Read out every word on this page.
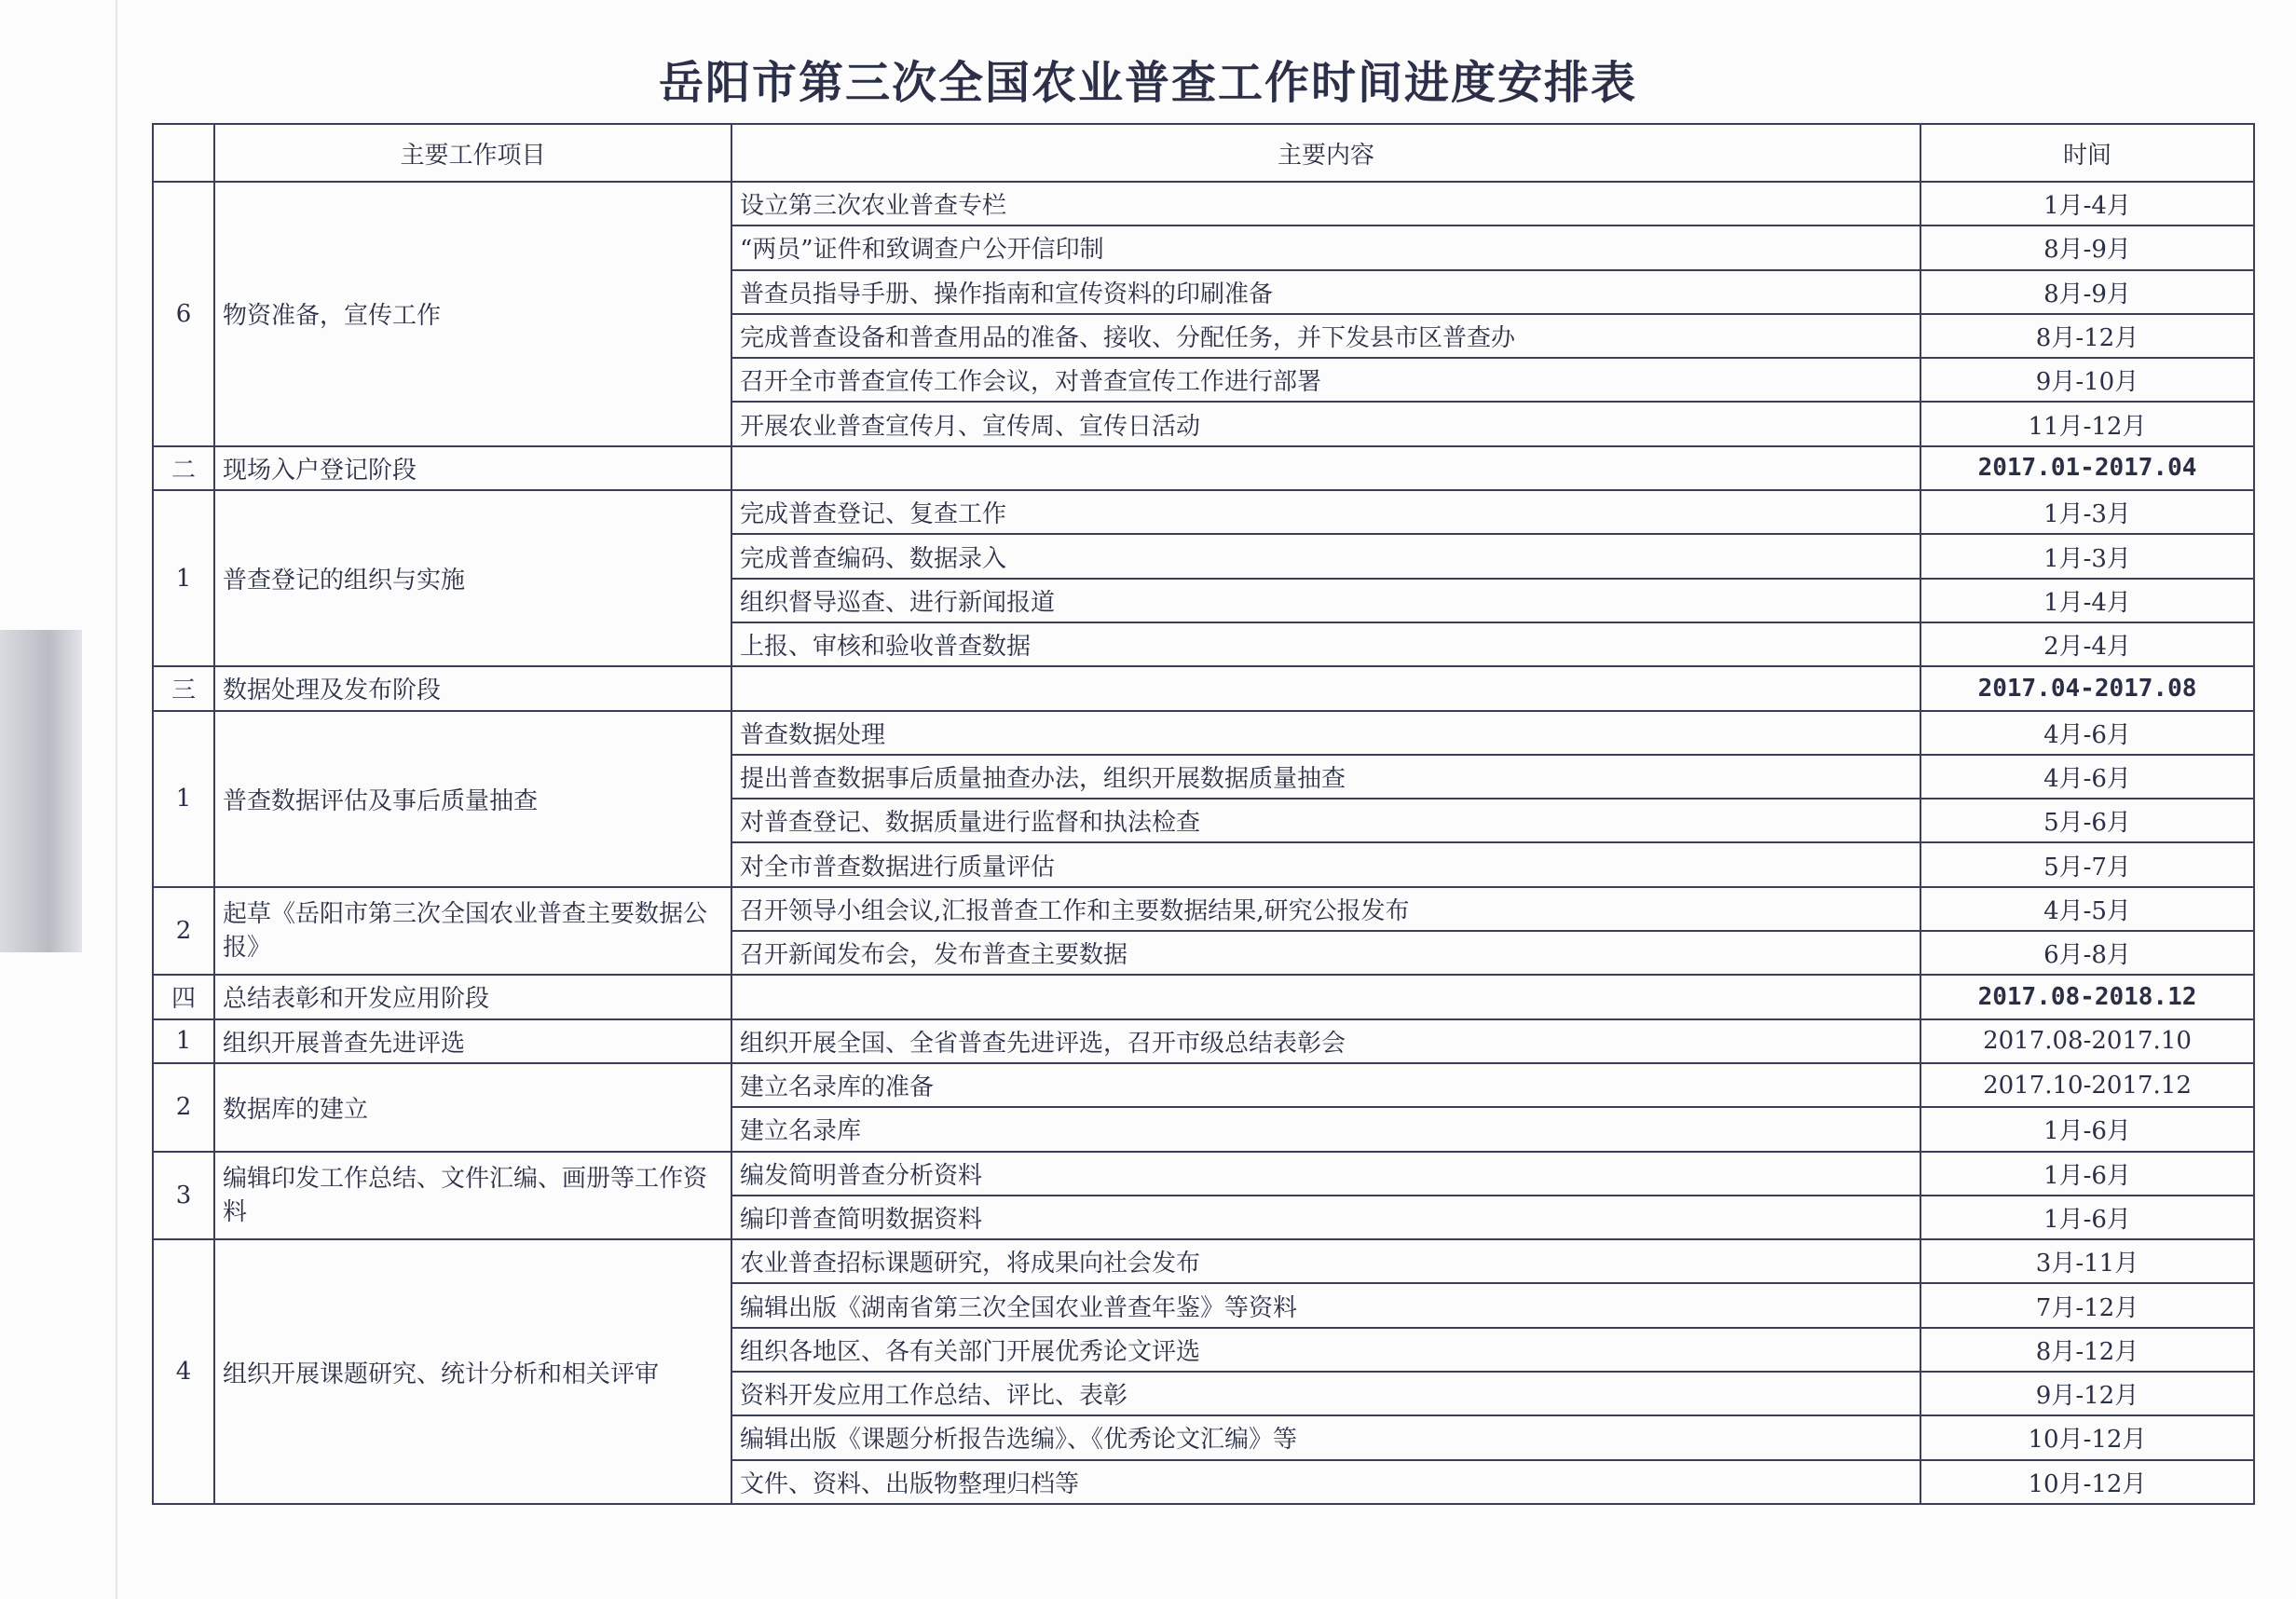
岳阳市第三次全国农业普查工作时间进度安排表
	主要工作项目	主要内容	时间
6	物资准备，宣传工作	设立第三次农业普查专栏	1月-4月
		“两员”证件和致调查户公开信印制	8月-9月
		普查员指导手册、操作指南和宣传资料的印刷准备	8月-9月
		完成普查设备和普查用品的准备、接收、分配任务，并下发县市区普查办	8月-12月
		召开全市普查宣传工作会议，对普查宣传工作进行部署	9月-10月
		开展农业普查宣传月、宣传周、宣传日活动	11月-12月
二	现场入户登记阶段		2017.01-2017.04
1	普查登记的组织与实施	完成普查登记、复查工作	1月-3月
		完成普查编码、数据录入	1月-3月
		组织督导巡查、进行新闻报道	1月-4月
		上报、审核和验收普查数据	2月-4月
三	数据处理及发布阶段		2017.04-2017.08
1	普查数据评估及事后质量抽查	普查数据处理	4月-6月
		提出普查数据事后质量抽查办法，组织开展数据质量抽查	4月-6月
		对普查登记、数据质量进行监督和执法检查	5月-6月
		对全市普查数据进行质量评估	5月-7月
2	起草《岳阳市第三次全国农业普查主要数据公报》	召开领导小组会议,汇报普查工作和主要数据结果,研究公报发布	4月-5月
		召开新闻发布会，发布普查主要数据	6月-8月
四	总结表彰和开发应用阶段		2017.08-2018.12
1	组织开展普查先进评选	组织开展全国、全省普查先进评选，召开市级总结表彰会	2017.08-2017.10
2	数据库的建立	建立名录库的准备	2017.10-2017.12
		建立名录库	1月-6月
3	编辑印发工作总结、文件汇编、画册等工作资料	编发简明普查分析资料	1月-6月
		编印普查简明数据资料	1月-6月
4	组织开展课题研究、统计分析和相关评审	农业普查招标课题研究，将成果向社会发布	3月-11月
		编辑出版《湖南省第三次全国农业普查年鉴》等资料	7月-12月
		组织各地区、各有关部门开展优秀论文评选	8月-12月
		资料开发应用工作总结、评比、表彰	9月-12月
		编辑出版《课题分析报告选编》、《优秀论文汇编》等	10月-12月
		文件、资料、出版物整理归档等	10月-12月
